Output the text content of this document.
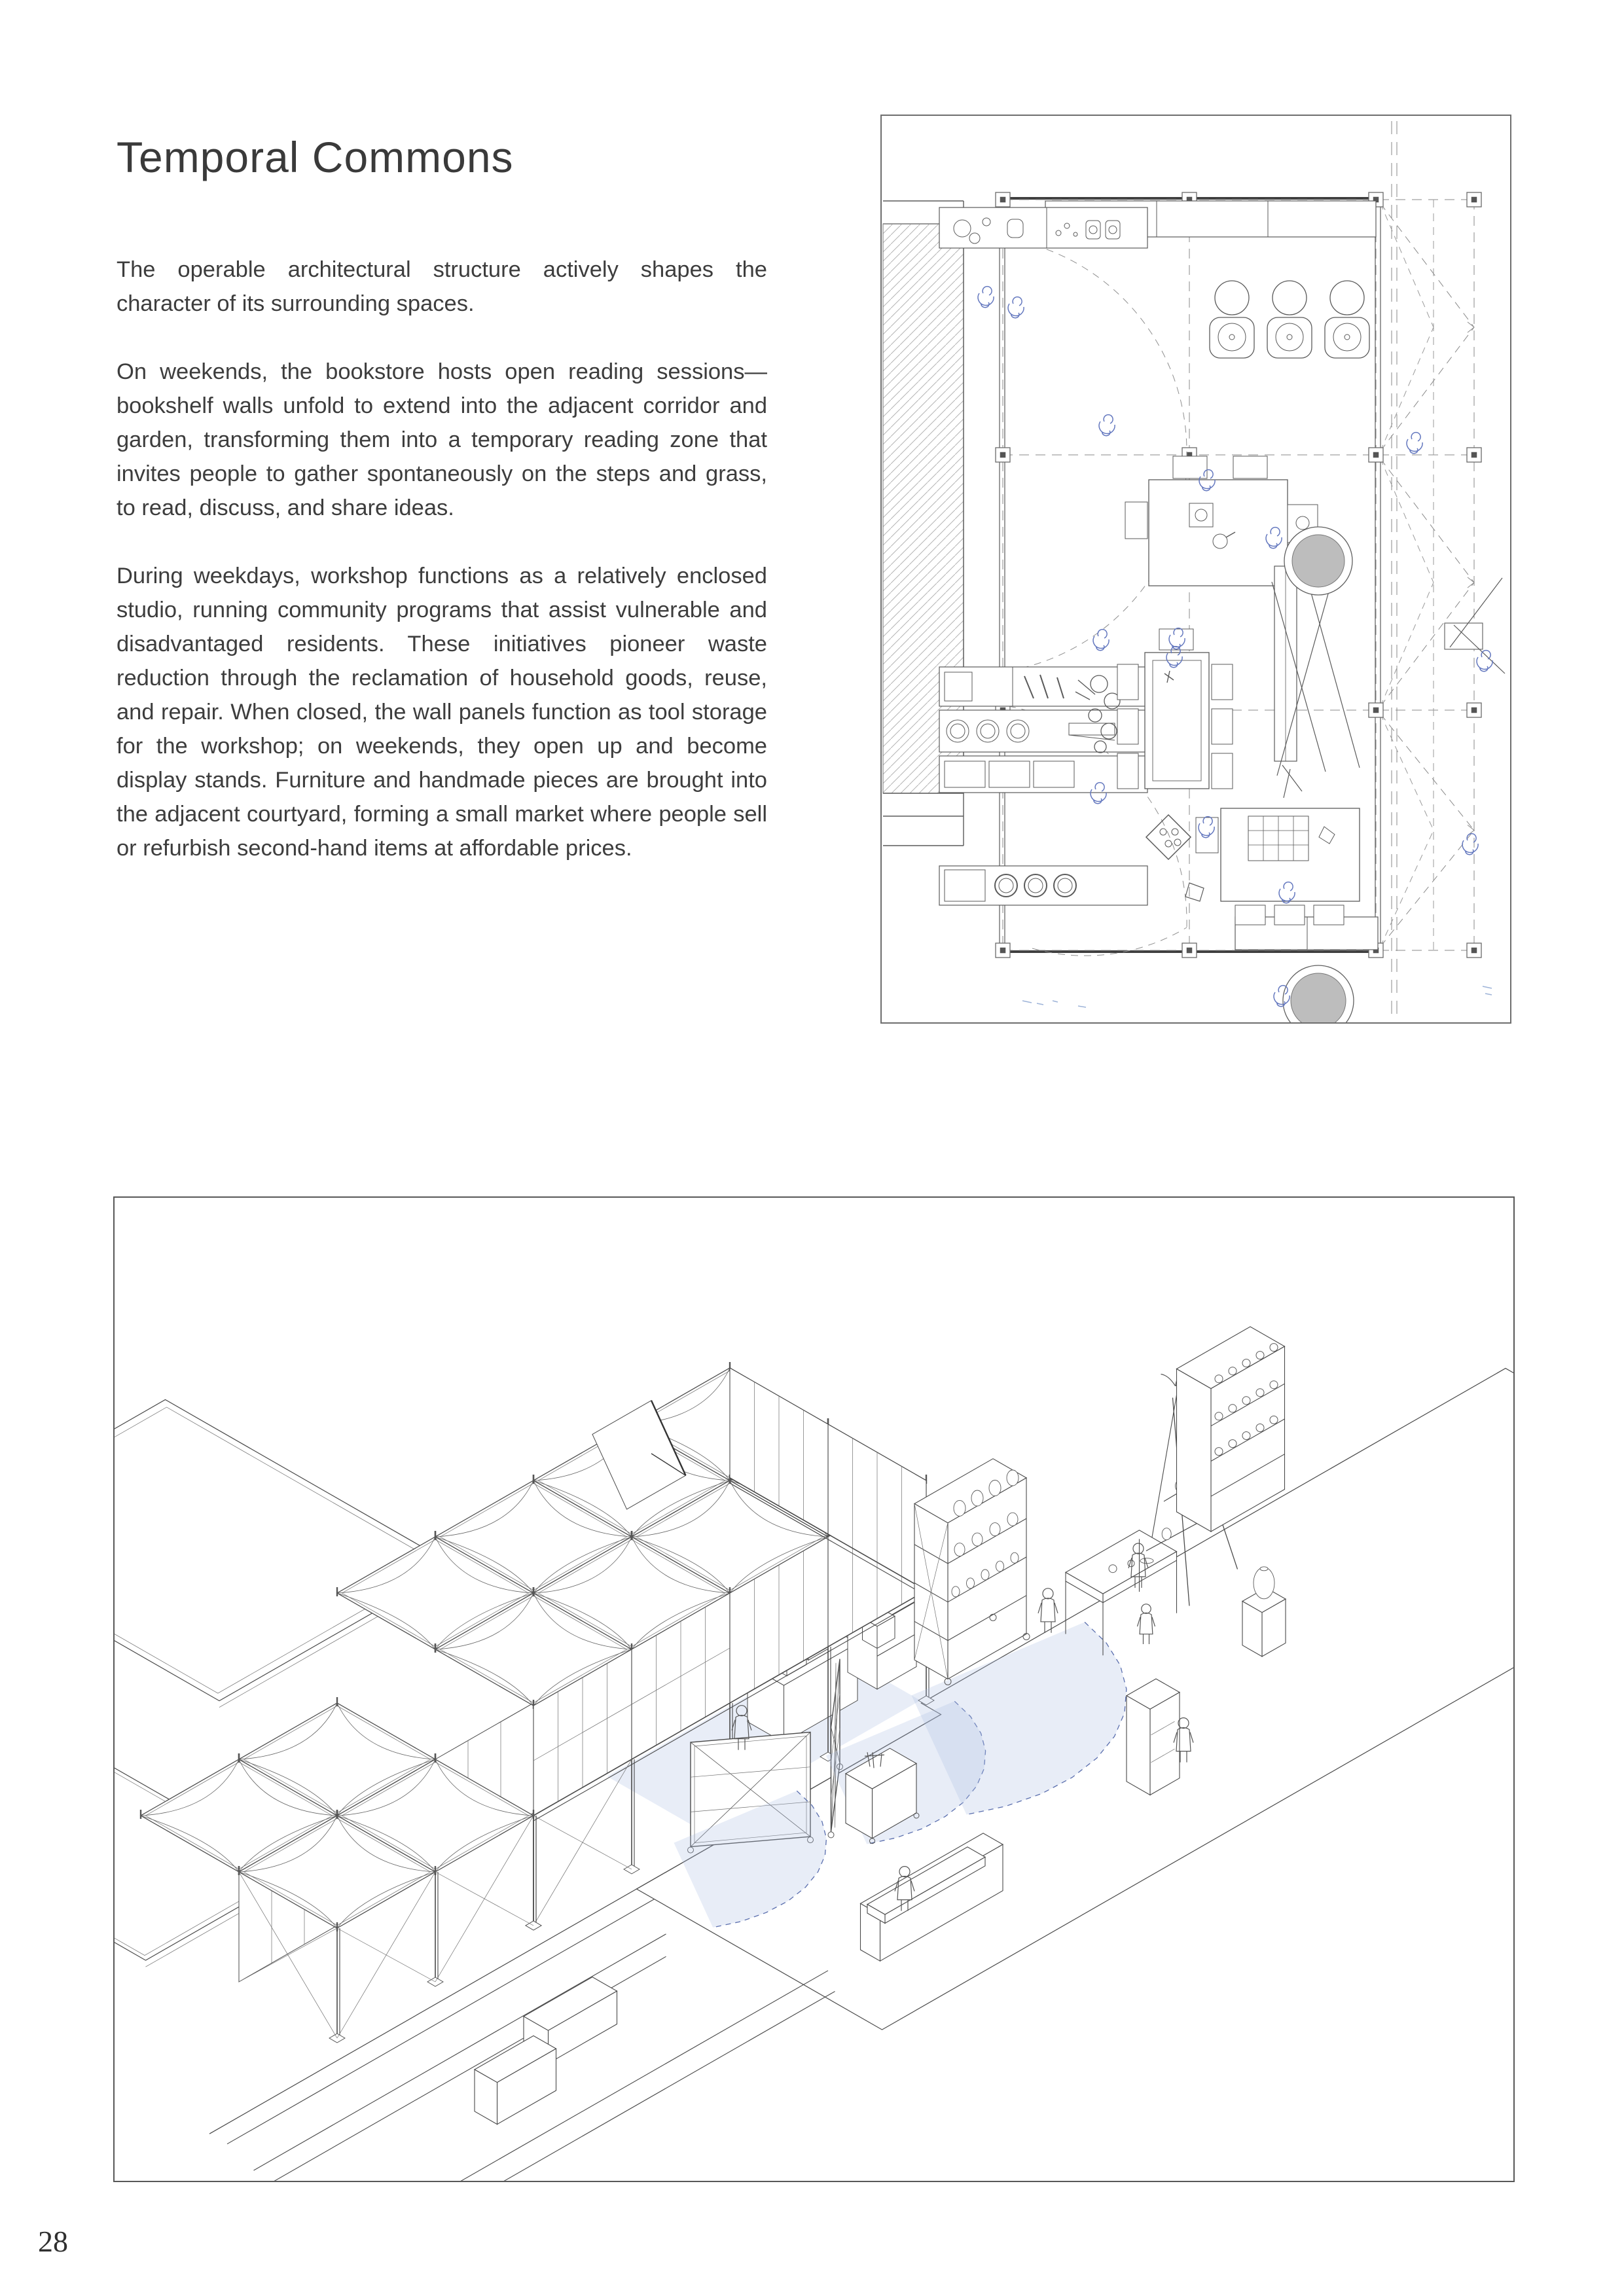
Temporal Commons

The operable architectural structure actively shapes the character of its surrounding spaces.

On weekends, the bookstore hosts open reading sessions—bookshelf walls unfold to extend into the adjacent corridor and garden, transforming them into a temporary reading zone that invites people to gather spontaneously on the steps and grass, to read, discuss, and share ideas.

During weekdays, workshop functions as a relatively enclosed studio, running community programs that assist vulnerable and disadvantaged residents. These initiatives pioneer waste reduction through the reclamation of household goods, reuse, and repair. When closed, the wall panels function as tool storage for the workshop; on weekends, they open up and become display stands. Furniture and handmade pieces are brought into the adjacent courtyard, forming a small market where people sell or refurbish second-hand items at affordable prices.

28
